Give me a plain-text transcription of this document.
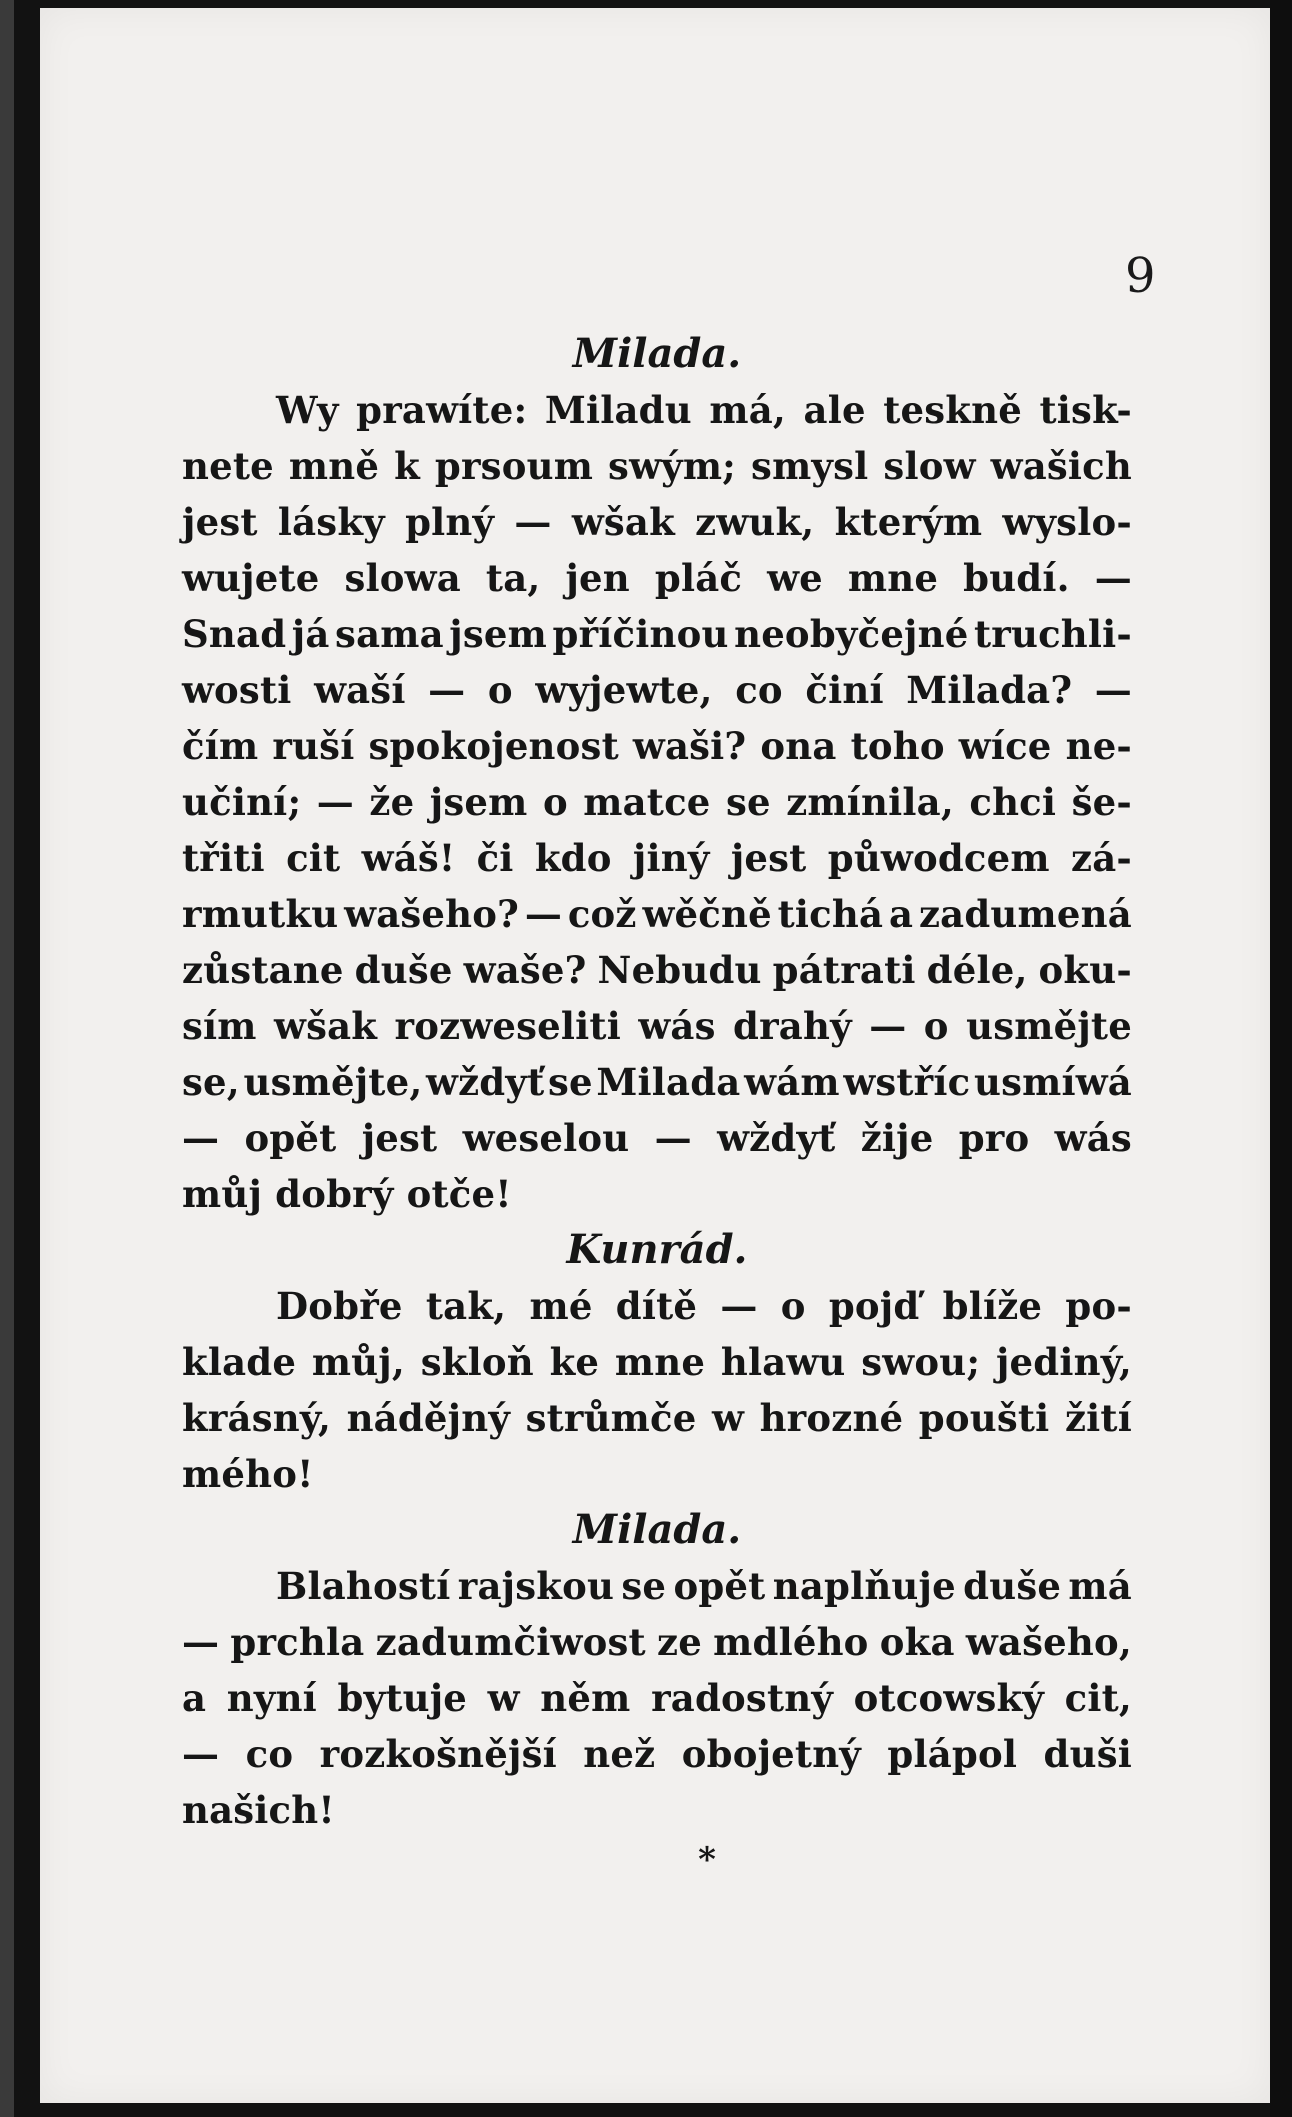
9

Milada.

Wy prawíte: Miladu má, ale teskně tisk-
nete mně k prsoum swým; smysl slow wašich
jest lásky plný — wšak zwuk, kterým wyslo-
wujete slowa ta, jen pláč we mne budí. —
Snad já sama jsem příčinou neobyčejné truchli-
wosti waší — o wyjewte, co činí Milada? —
čím ruší spokojenost waši? ona toho wíce ne-
učiní; — že jsem o matce se zmínila, chci še-
třiti cit wáš! či kdo jiný jest půwodcem zá-
rmutku wašeho? — což wěčně tichá a zadumená
zůstane duše waše? Nebudu pátrati déle, oku-
sím wšak rozweseliti wás drahý — o usmějte
se, usmějte, wždyť se Milada wám wstříc usmíwá
— opět jest weselou — wždyť žije pro wás
můj dobrý otče!

Kunrád.

Dobře tak, mé dítě — o pojď blíže po-
klade můj, skloň ke mne hlawu swou; jediný,
krásný, nádějný strůmče w hrozné poušti žití
mého!

Milada.

Blahostí rajskou se opět naplňuje duše má
— prchla zadumčiwost ze mdlého oka wašeho,
a nyní bytuje w něm radostný otcowský cit,
— co rozkošnější než obojetný plápol duši
našich!
*
